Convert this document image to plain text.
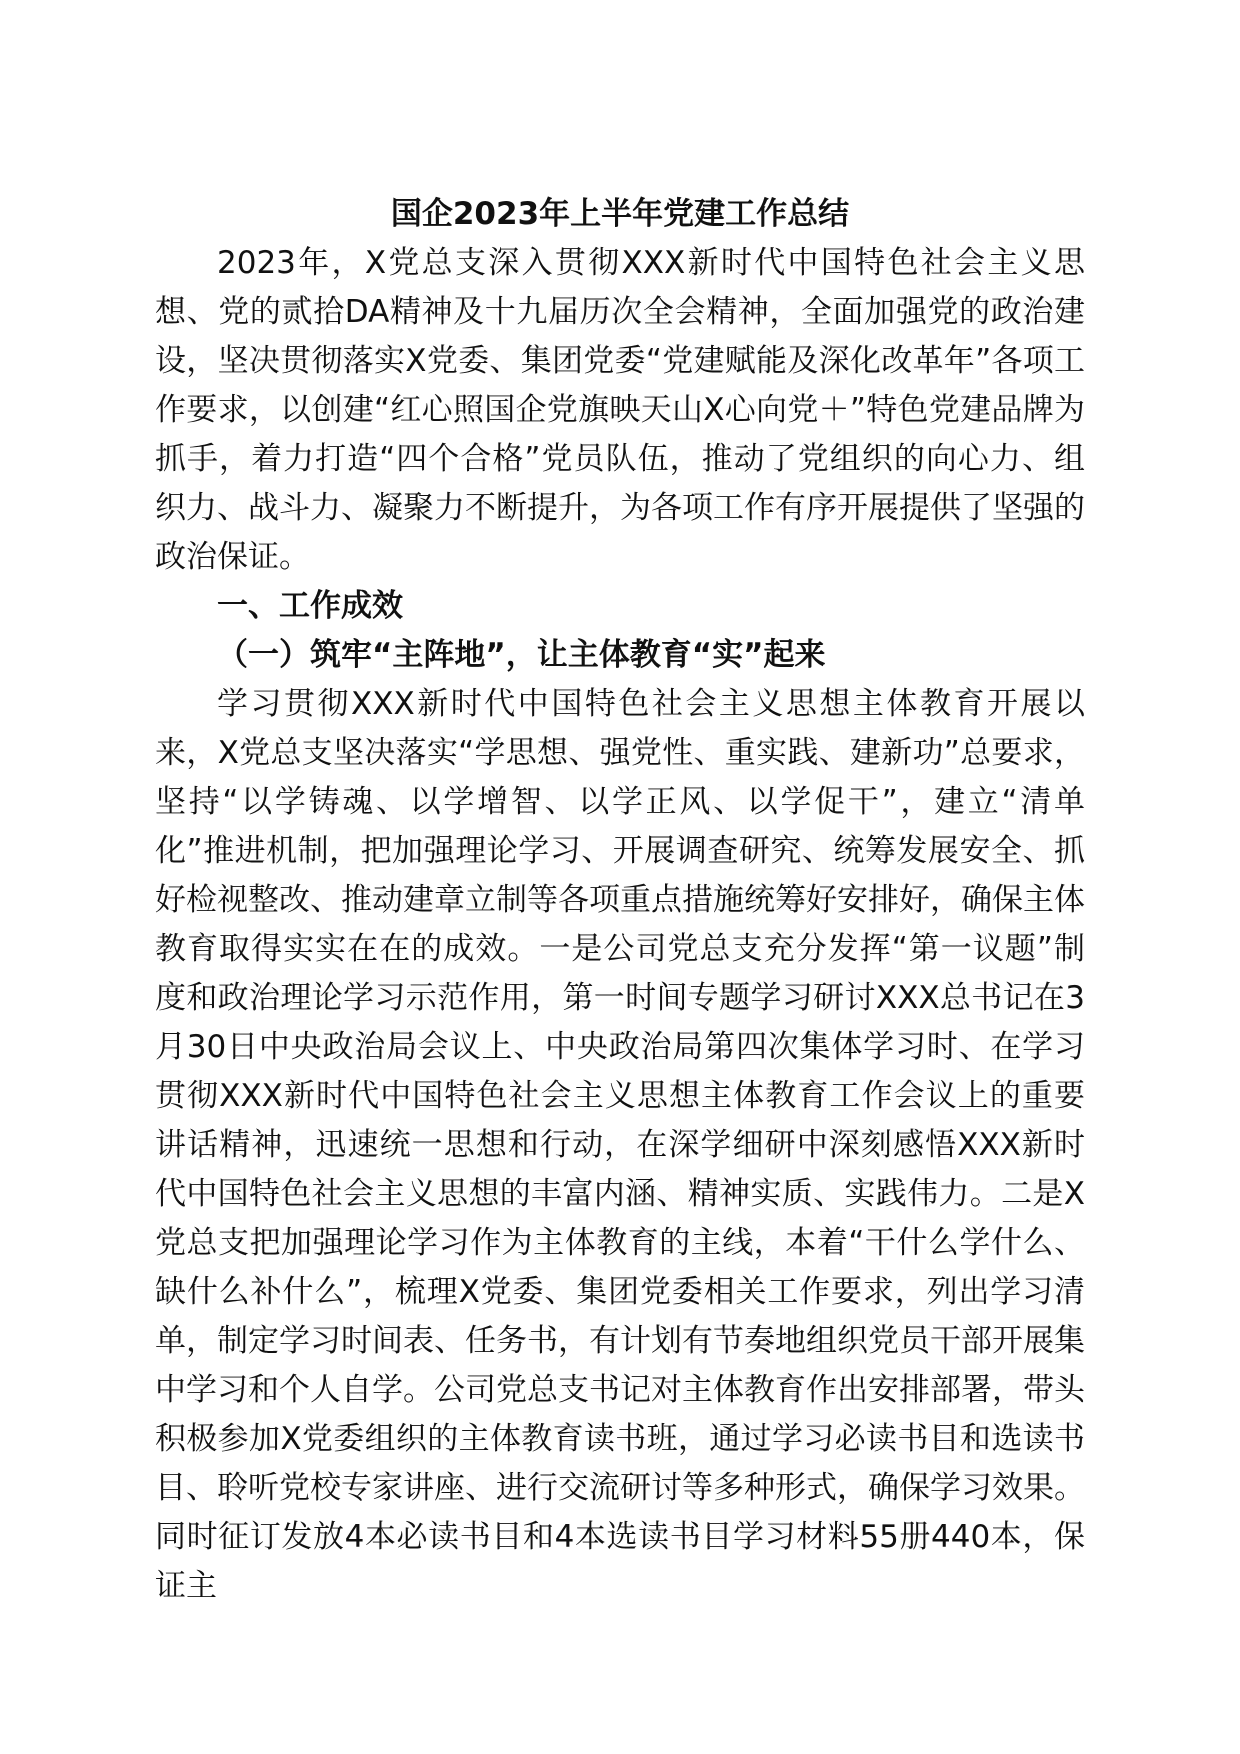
国企2023年上半年党建工作总结

2023年，X党总支深入贯彻XXX新时代中国特色社会主义思想、党的贰拾DA精神及十九届历次全会精神，全面加强党的政治建设，坚决贯彻落实X党委、集团党委“党建赋能及深化改革年”各项工作要求，以创建“红心照国企党旗映天山X心向党＋”特色党建品牌为抓手，着力打造“四个合格”党员队伍，推动了党组织的向心力、组织力、战斗力、凝聚力不断提升，为各项工作有序开展提供了坚强的政治保证。

一、工作成效

（一）筑牢“主阵地”，让主体教育“实”起来

学习贯彻XXX新时代中国特色社会主义思想主体教育开展以来，X党总支坚决落实“学思想、强党性、重实践、建新功”总要求，坚持“以学铸魂、以学增智、以学正风、以学促干”，建立“清单化”推进机制，把加强理论学习、开展调查研究、统筹发展安全、抓好检视整改、推动建章立制等各项重点措施统筹好安排好，确保主体教育取得实实在在的成效。一是公司党总支充分发挥“第一议题”制度和政治理论学习示范作用，第一时间专题学习研讨XXX总书记在3月30日中央政治局会议上、中央政治局第四次集体学习时、在学习贯彻XXX新时代中国特色社会主义思想主体教育工作会议上的重要讲话精神，迅速统一思想和行动，在深学细研中深刻感悟XXX新时代中国特色社会主义思想的丰富内涵、精神实质、实践伟力。二是X党总支把加强理论学习作为主体教育的主线，本着“干什么学什么、缺什么补什么”，梳理X党委、集团党委相关工作要求，列出学习清单，制定学习时间表、任务书，有计划有节奏地组织党员干部开展集中学习和个人自学。公司党总支书记对主体教育作出安排部署，带头积极参加X党委组织的主体教育读书班，通过学习必读书目和选读书目、聆听党校专家讲座、进行交流研讨等多种形式，确保学习效果。同时征订发放4本必读书目和4本选读书目学习材料55册440本，保证主
